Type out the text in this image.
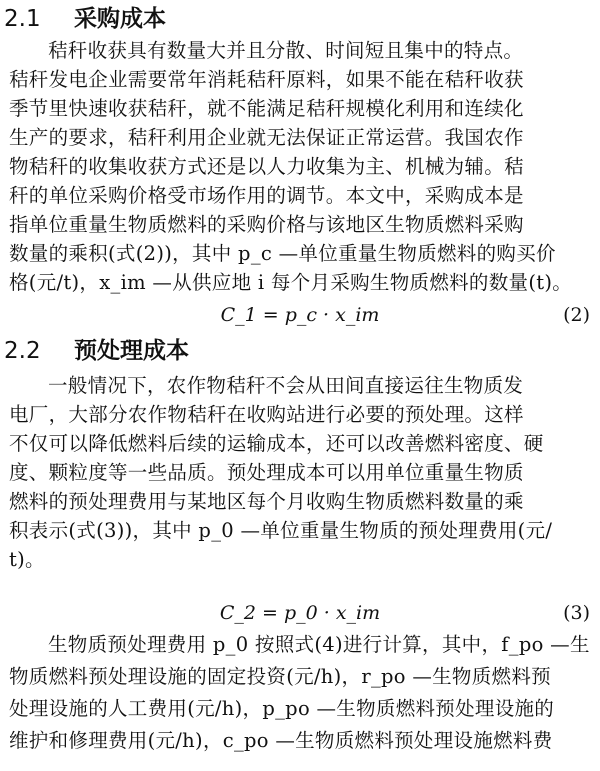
2.1 采购成本
秸秆收获具有数量大并且分散、时间短且集中的特点。
秸秆发电企业需要常年消耗秸秆原料，如果不能在秸秆收获
季节里快速收获秸秆，就不能满足秸秆规模化利用和连续化
生产的要求，秸秆利用企业就无法保证正常运营。我国农作
物秸秆的收集收获方式还是以人力收集为主、机械为辅。秸
秆的单位采购价格受市场作用的调节。本文中，采购成本是
指单位重量生物质燃料的采购价格与该地区生物质燃料采购
数量的乘积(式(2))，其中 p_c —单位重量生物质燃料的购买价
格(元/t)，x_im —从供应地 i 每个月采购生物质燃料的数量(t)。
C_1 = p_c · x_im	(2)
2.2 预处理成本
一般情况下，农作物秸秆不会从田间直接运往生物质发
电厂，大部分农作物秸秆在收购站进行必要的预处理。这样
不仅可以降低燃料后续的运输成本，还可以改善燃料密度、硬
度、颗粒度等一些品质。预处理成本可以用单位重量生物质
燃料的预处理费用与某地区每个月收购生物质燃料数量的乘
积表示(式(3))，其中 p_0 —单位重量生物质的预处理费用(元/
t)。
C_2 = p_0 · x_im	(3)
生物质预处理费用 p_0 按照式(4)进行计算，其中，f_po —生
物质燃料预处理设施的固定投资(元/h)，r_po —生物质燃料预
处理设施的人工费用(元/h)，p_po —生物质燃料预处理设施的
维护和修理费用(元/h)，c_po —生物质燃料预处理设施燃料费
